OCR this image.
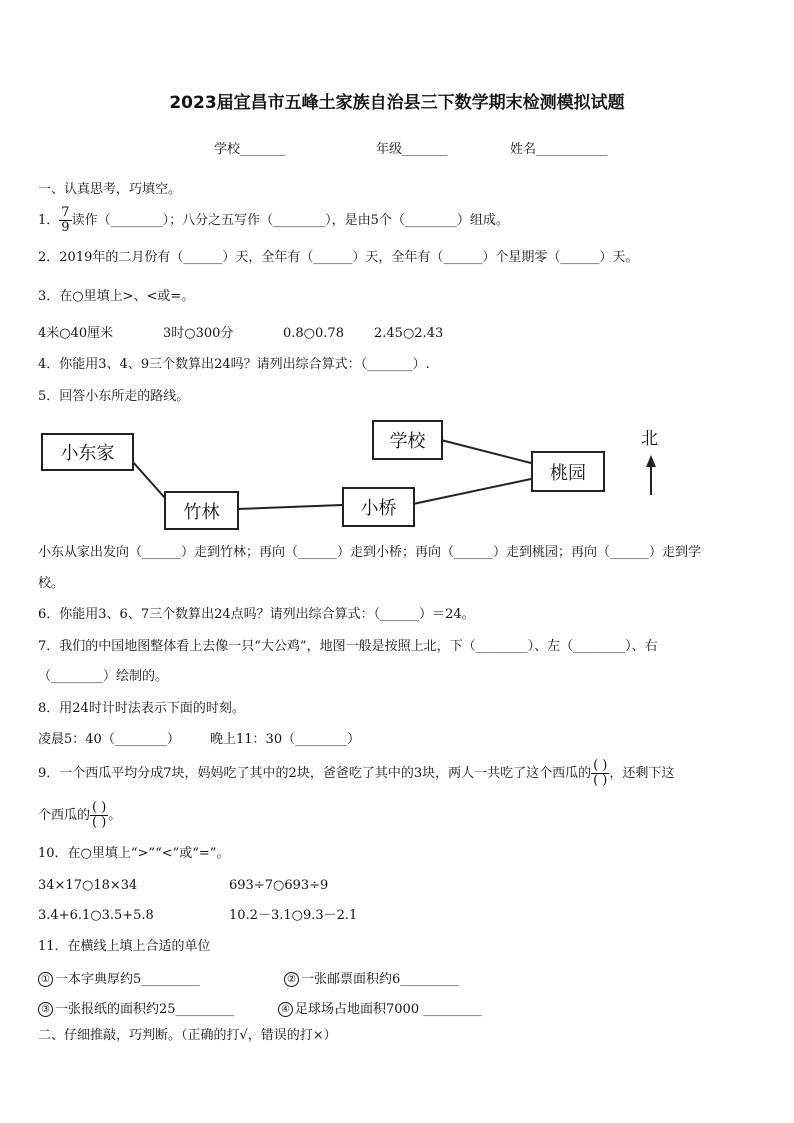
2023届宜昌市五峰土家族自治县三下数学期末检测模拟试题
学校_______	年级_______	姓名___________
一、认真思考，巧填空。
1． $\frac{7}{9}$ 读作（________）；八分之五写作（________），是由5个（________）组成。
2．2019年的二月份有（______）天，全年有（______）天，全年有（______）个星期零（______）天。
3．在○里填上>、<或=。
4米○40厘米	3时○300分	0.8○0.78 2.45○2.43
4．你能用3、4、9三个数算出24吗？请列出综合算式：（_______）.
5．回答小东所走的路线。
小东家
竹林
学校
小桥
桃园
北
小东从家出发向（______）走到竹林；再向（______）走到小桥；再向（______）走到桃园；再向（______）走到学
校。
6．你能用3、6、7三个数算出24点吗？请列出综合算式：（______）＝24。
7．我们的中国地图整体看上去像一只“大公鸡”，地图一般是按照上北，下（________）、左（________）、右
（________）绘制的。
8．用24时计时法表示下面的时刻。
凌晨5：40（________） 晚上11：30（________）
9．一个西瓜平均分成7块，妈妈吃了其中的2块，爸爸吃了其中的3块，两人一共吃了这个西瓜的 $\frac{( )}{( )}$ ，还剩下这
个西瓜的 $\frac{( )}{( )}$ 。
10．在○里填上“>”“<”或“=”。
34×17○18×34	693÷7○693÷9
3.4+6.1○3.5+5.8	10.2－3.1○9.3－2.1
11．在横线上填上合适的单位
① 一本字典厚约5_________	② 一张邮票面积约6_________
③ 一张报纸的面积约25_________	④ 足球场占地面积7000 _________
二、仔细推敲，巧判断。（正确的打√，错误的打×）
